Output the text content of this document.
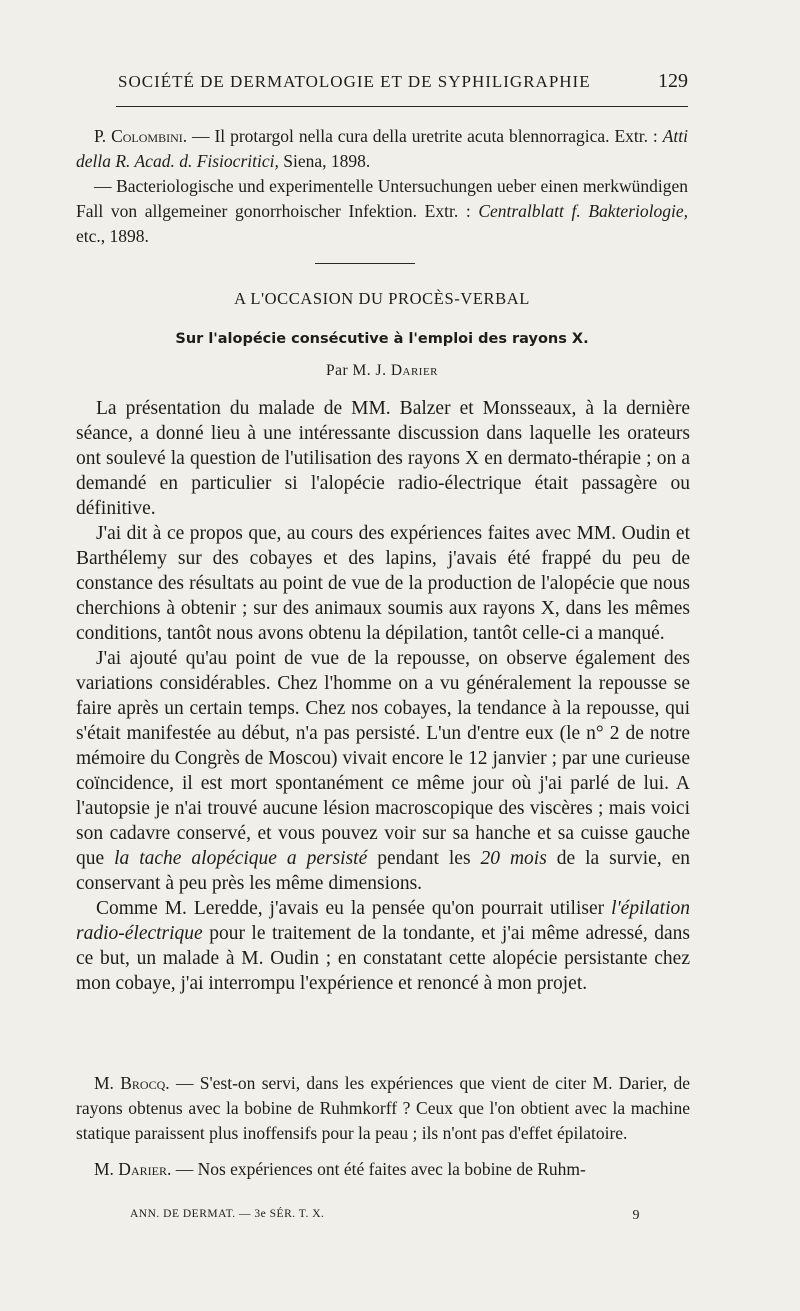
SOCIÉTÉ DE DERMATOLOGIE ET DE SYPHILIGRAPHIE	129

P. Colombini. — Il protargol nella cura della uretrite acuta blennorragica. Extr. : Atti della R. Acad. d. Fisiocritici, Siena, 1898.

— Bacteriologische und experimentelle Untersuchungen ueber einen merkwündigen Fall von allgemeiner gonorrhoischer Infektion. Extr. : Centralblatt f. Bakteriologie, etc., 1898.

A L'OCCASION DU PROCÈS-VERBAL
Sur l'alopécie consécutive à l'emploi des rayons X.
Par M. J. Darier

La présentation du malade de MM. Balzer et Monsseaux, à la dernière séance, a donné lieu à une intéressante discussion dans laquelle les orateurs ont soulevé la question de l'utilisation des rayons X en dermato-thérapie ; on a demandé en particulier si l'alopécie radio-électrique était passagère ou définitive.

J'ai dit à ce propos que, au cours des expériences faites avec MM. Oudin et Barthélemy sur des cobayes et des lapins, j'avais été frappé du peu de constance des résultats au point de vue de la production de l'alopécie que nous cherchions à obtenir ; sur des animaux soumis aux rayons X, dans les mêmes conditions, tantôt nous avons obtenu la dépilation, tantôt celle-ci a manqué.

J'ai ajouté qu'au point de vue de la repousse, on observe également des variations considérables. Chez l'homme on a vu généralement la repousse se faire après un certain temps. Chez nos cobayes, la tendance à la repousse, qui s'était manifestée au début, n'a pas persisté. L'un d'entre eux (le n° 2 de notre mémoire du Congrès de Moscou) vivait encore le 12 janvier ; par une curieuse coïncidence, il est mort spontanément ce même jour où j'ai parlé de lui. A l'autopsie je n'ai trouvé aucune lésion macroscopique des viscères ; mais voici son cadavre conservé, et vous pouvez voir sur sa hanche et sa cuisse gauche que la tache alopécique a persisté pendant les 20 mois de la survie, en conservant à peu près les même dimensions.

Comme M. Leredde, j'avais eu la pensée qu'on pourrait utiliser l'épilation radio-électrique pour le traitement de la tondante, et j'ai même adressé, dans ce but, un malade à M. Oudin ; en constatant cette alopécie persistante chez mon cobaye, j'ai interrompu l'expérience et renoncé à mon projet.

M. Brocq. — S'est-on servi, dans les expériences que vient de citer M. Darier, de rayons obtenus avec la bobine de Ruhmkorff ? Ceux que l'on obtient avec la machine statique paraissent plus inoffensifs pour la peau ; ils n'ont pas d'effet épilatoire.

M. Darier. — Nos expériences ont été faites avec la bobine de Ruhm-

ANN. DE DERMAT. — 3e SÉR. T. X.	9
